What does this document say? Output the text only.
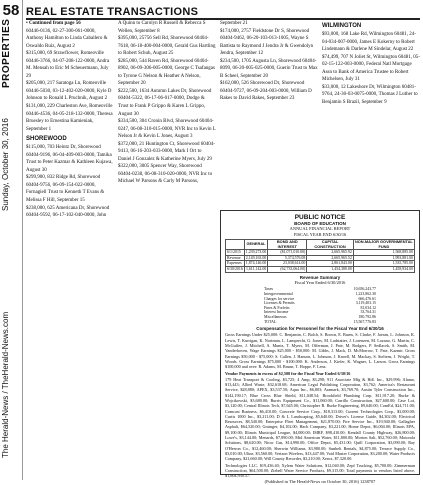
58
PROPERTIES
Sunday, October 30, 2016
The Herald-News / TheHerald-News.com
REAL ESTATE TRANSACTIONS

• Continued from page 56

60446-0136, 02-27-300-061-0000, Anthony Hamilton to Linda Caballero & Oswaldo Ruiz, August 2

$315,000, 69 Strawflower, Romeoville 60446-3766, 04-07-208-122-0000, Andra M. Mensah to Eric M Scheuermann, July 29

$205,000, 217 Saratoga Ln, Romeoville 60446-5030, 03-12-402-020-0000, Kyle D Johnson to Ronald L Pruchnik, August 2

$131,000, 229 Charleston Ave, Romeoville 60446-4536, 04-05-218-132-0000, Theresa Bruesley to Ernestina Kamieniak, September 1

SHOREWOOD

$115,000, 703 Heintz Dr, Shorewood 60404-9196, 06-04-409-003-0000, Tamika Trust to Peter Kazmar & Kathleen Kujawa, August 30

$299,900, 832 Ridge Rd, Shorewood 60404-9756, 06-09-154-022-0000, Fornagiell Trust to Kenneth T Evans & Melissa F Hill, September 15

$238,000, 625 Americana Dr, Shorewood 60404-9592, 06-17-102-040-0000, John

A Quinn to Carolyn R Russell & Rebecca S Wellen, September 8

$395,000, 25756 Sell Rd, Shorewood 60404-7618, 06-18-400-004-0000, Gerald Gus Hartling to Robert Schuh, August 25

$285,000, 544 Raven Rd, Shorewood 60404-8902, 06-09-306-005-0000, George C Tsafangas to Tyrone G Nelson & Heather A Nelson, September 20

$222,500, 1634 Autumn Lakes Dr, Shorewood 60404-5322, 06-17-06-017-0000, Dodge & Trust to Frank P Grippo & Karen L Grippo, August 30

$334,500, 304 Cronin Blvd, Shorewood 60404-0247, 06-08-310-015-0000, NVR Inc to Kevin L Nelson Jr & Kevin L Jones, August 3

$372,000, 21 Huntington Ct, Shorewood 60404-9413, 06-16-203-033-0000, Mark I Ort to Daniel J Gonzalez & Katherine Myers, July 29

$322,000, 3005 Spencer Way, Shorewood 60404-0238, 06-08-310-020-0000, NVR Inc to Michael W Parsons & Carly M Parsons,

September 21

$174,000, 2757 Fieldstone Dr S, Shorewood 60404-9462, 06-20-103-013-1005, Wayne S Battista to Raymond J Jendra Jr & Gwendolyn Jendra, September 12

$234,500, 1705 Augusta Ln, Shorewood 60404-8099, 06-20-005-025-0000, Guerin Trust to Max B Scheel, September 20

$162,000, 526 Shorewood Dr, Shorewood 60404-9727, 06-09-204-003-0000, William D Rakes to David Rakes, September 23

WILMINGTON

$93,000, 168 Lake Rd, Wilmington 60481, 24-04-034-007-0000, James E Kokerny to Robert Lindemann & Darlene M Sindelar, August 22

$74,499, 707 N Joliet St, Wilmington 60481, 05-02-15-122-003-0000, Federal Natl Mortgage Assn to Bank of America Trustee to Robert Michelsen, July 31

$33,000, 12 Lakeshore Dr, Wilmington 60481-9764, 24-30-03-0075-0000, Thomas J Luther to Benjamin S Brazil, September 9

PUBLIC NOTICE
BOARD OF EDUCATION
ANNUAL FINANCIAL REPORT
FISCAL YEAR END 6/30/16
	GENERAL	BOND AND INTEREST	CAPITAL CONSTRUCTION	NON-MAJOR GOVERNMENTAL FUND
6/1/2015	1,239,273.00	($1,071,010.00)	2,665,965.92	1,568,885.00
Revenue	2,149,163.00	5,374,576.08	2,665,965.52	1,993,881.00
Expenses	1,874,146.00	23,038,614.00	2,861,843.00	1,535,785.00
6/30/2016	1,611,142.00	(62,733,064.00)	1,454,380.00	1,458,934.00
Revenue Summary
Fiscal Year Ended 6/30/2016
Taxes	10,656,243.77
Intergovernmental	1,223,862.30
Charges for service	666,476.61
Licenses & Permits	3,119,403.15
Fines & Forfeits	81,034.12
Interest Income	33,764.31
Miscellaneous	180,792.86
TOTAL	15,567,776.83
Compensation for Personnel for the Fiscal Year End 6/30/16

Gross Earnings Under $25,000: C. Benjamin, C. Bolch, S. Brown, E. Burns, S. Clarke, F. Jaeran, L. Johnson, K. Lewis, T. Kurrigan, K. Nortman, L. Lamprecht, G. Jones, M. Ladstatter, J. Lorenzen, M. Lozano, G. Martin, C. McGuffee, J. Mitchell, A. Muniz, T. Myers, M. Offerman, J. Pate, M. Rodgers, P. Sedlacek, S. Smith, M. Vanderhoven, Wage Earnings $25,000 - $50,000: M. Gibbs, J. Mack, D. McMorrow, T. Pate, Kazmir. Gross Earnings $50,000 - $75,000: S. Cullen, J. Hanson, L. Johnson, J. Knoell, M. Mackay, S. Steltens, J. Wright, T. Woods. Gross Earnings $75,000 - $100,000: K. Anderson, J. Kiefer, K. Wagner, L. Larson. Gross Earnings $100,000 and over: R. Adams, M. Brunn, T. Hoppe, F. Lenz.

Vendor Payments in excess of $2,500 for the Fiscal Year Ended 6/30/16

179 Heat Transport & Cooling, $3,725; 4 Amp, $3,298; 911 Associate Mfg & Hdl. Inc., $29,996; Alamo, $13,443; Allied Waste, $32,618.68; American Legal Publishing Corporation, $3,762; America's Restaurant Service, $28,880; APEX, $3,537.50; Aqua Inc., $6,803; Aramark, $3,769.70; Austin Tyler Construction Inc., $142,190.17; Blue Cross Blue Shield, $11,048.54; Brookfield Plumbing Corp. $11,917.20; Burke & Wojcikowski, $3,680.00; Burris Equipment Co., $11,060.00; Carrillo Construction, $27,600.00; Case Lot, $3,120.00; Central Illinois Tech, $7,645.00; Christopher B. Burke Engineering, $9,640.00; ComEd, $24,711.00; Comcast Business, $6,410.00; Concrete Service Corp., $18,313.00; Current Technologies Corp., $3,000.00; Curtis 1000 Inc., $3,211.00; D & L Landscaping, $5,640.00; Driver's License Guide, $4,302.00; Electrical Resources, $8,540.00; Enterprise Fleet Management, $21,870.00; Fire Service Inc., $19,940.00; Gallagher Asphalt, $64,520.00; Grainger, $4,102.00; Hach Company, $3,221.00; Home Depot, $6,004.00; Illinois EPA, $9,100.00; Illinois Municipal League, $4,000.00; IMRF, $98,410.00; Kendall County Highway, $26,800.00; Lowe's, $3,144.00; Menards, $7,890.00; Mid American Water, $11,800.00; Morton Salt, $52,760.00; Motorola Solutions, $8,620.00; Nicor Gas, $14,990.00; Office Depot, $5,431.00; Quill Corporation, $3,090.00; Ray O'Herron Co., $12,460.00; Sherwin Williams, $3,980.00; Sunbelt Rentals, $4,875.00; Terrace Supply Co., $3,010.00; Uline, $3,560.00; Verizon Wireless, $13,447.00; Void Master Corporation, $3,200.00; Water Products Company, $21,660.00; Will County Recorder, $3,210.00; Xerox, $7,320.00.

Technologies LLC, $19,436.40; Xylem Water Solutions, $12,040.00; Zepf Trucking, $5,700.00; Zimmerman Construction, $64,500.00; Ziebell Water Service Products, $9,315.00; Total payments to vendors listed above, $1,604,930.57.

(Published in The Herald-News on October 30, 2016) 1238707
